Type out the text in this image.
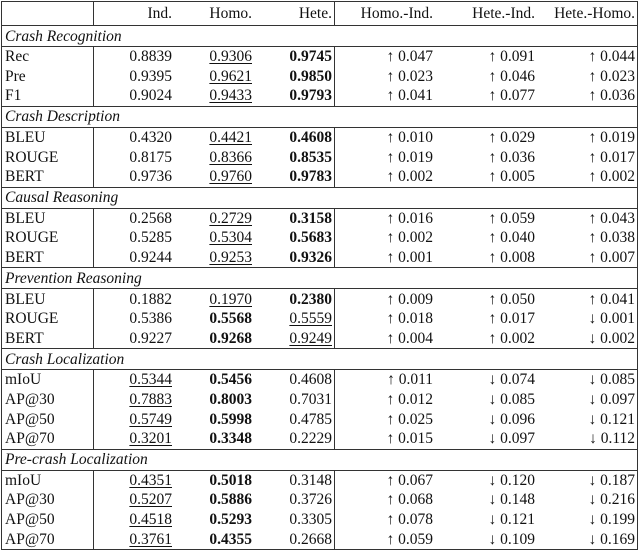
	Ind.	Homo.	Hete.	Homo.-Ind.	Hete.-Ind.	Hete.-Homo.
Crash Recognition						
Rec	0.8839	0.9306	0.9745	↑ 0.047	↑ 0.091	↑ 0.044
Pre	0.9395	0.9621	0.9850	↑ 0.023	↑ 0.046	↑ 0.023
F1	0.9024	0.9433	0.9793	↑ 0.041	↑ 0.077	↑ 0.036
Crash Description						
BLEU	0.4320	0.4421	0.4608	↑ 0.010	↑ 0.029	↑ 0.019
ROUGE	0.8175	0.8366	0.8535	↑ 0.019	↑ 0.036	↑ 0.017
BERT	0.9736	0.9760	0.9783	↑ 0.002	↑ 0.005	↑ 0.002
Causal Reasoning						
BLEU	0.2568	0.2729	0.3158	↑ 0.016	↑ 0.059	↑ 0.043
ROUGE	0.5285	0.5304	0.5683	↑ 0.002	↑ 0.040	↑ 0.038
BERT	0.9244	0.9253	0.9326	↑ 0.001	↑ 0.008	↑ 0.007
Prevention Reasoning						
BLEU	0.1882	0.1970	0.2380	↑ 0.009	↑ 0.050	↑ 0.041
ROUGE	0.5386	0.5568	0.5559	↑ 0.018	↑ 0.017	↓ 0.001
BERT	0.9227	0.9268	0.9249	↑ 0.004	↑ 0.002	↓ 0.002
Crash Localization						
mIoU	0.5344	0.5456	0.4608	↑ 0.011	↓ 0.074	↓ 0.085
AP@30	0.7883	0.8003	0.7031	↑ 0.012	↓ 0.085	↓ 0.097
AP@50	0.5749	0.5998	0.4785	↑ 0.025	↓ 0.096	↓ 0.121
AP@70	0.3201	0.3348	0.2229	↑ 0.015	↓ 0.097	↓ 0.112
Pre-crash Localization						
mIoU	0.4351	0.5018	0.3148	↑ 0.067	↓ 0.120	↓ 0.187
AP@30	0.5207	0.5886	0.3726	↑ 0.068	↓ 0.148	↓ 0.216
AP@50	0.4518	0.5293	0.3305	↑ 0.078	↓ 0.121	↓ 0.199
AP@70	0.3761	0.4355	0.2668	↑ 0.059	↓ 0.109	↓ 0.169
